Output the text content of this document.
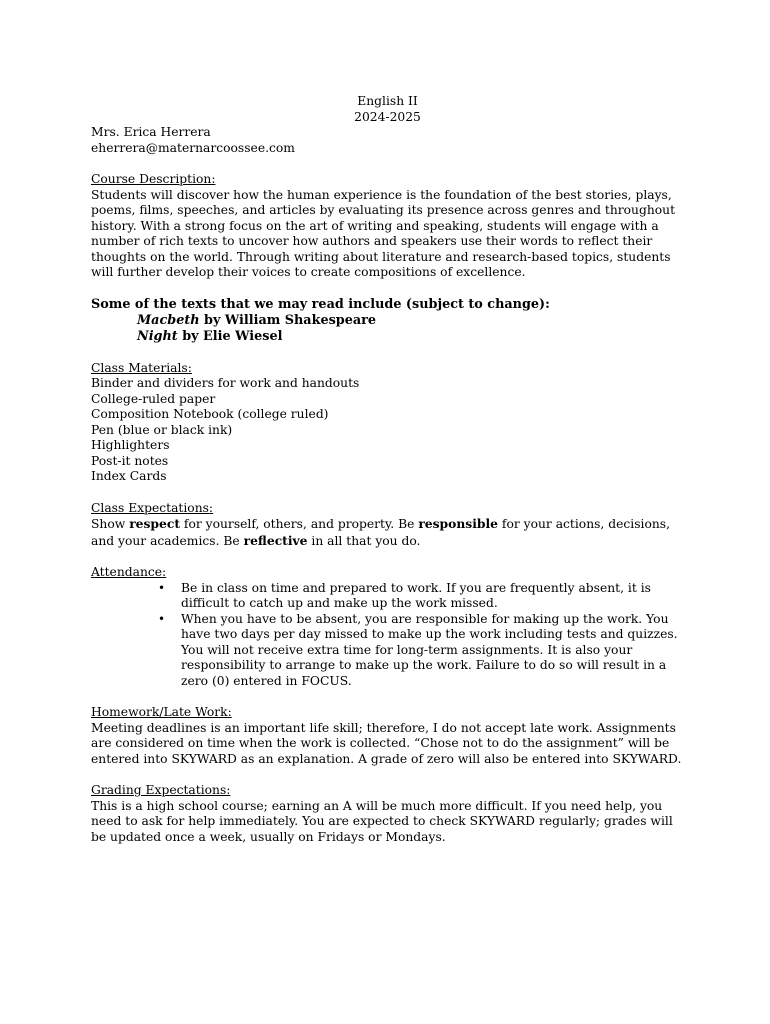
English II
2024-2025
Mrs. Erica Herrera
eherrera@maternarcoossee.com
Course Description:
Students will discover how the human experience is the foundation of the best stories, plays, poems, films, speeches, and articles by evaluating its presence across genres and throughout history. With a strong focus on the art of writing and speaking, students will engage with a number of rich texts to uncover how authors and speakers use their words to reflect their thoughts on the world. Through writing about literature and research-based topics, students will further develop their voices to create compositions of excellence.
Some of the texts that we may read include (subject to change):
Macbeth by William Shakespeare
Night by Elie Wiesel
Class Materials:
Binder and dividers for work and handouts
College-ruled paper
Composition Notebook (college ruled)
Pen (blue or black ink)
Highlighters
Post-it notes
Index Cards
Class Expectations:
Show respect for yourself, others, and property. Be responsible for your actions, decisions, and your academics. Be reflective in all that you do.
Attendance:
• Be in class on time and prepared to work. If you are frequently absent, it is difficult to catch up and make up the work missed.
• When you have to be absent, you are responsible for making up the work. You have two days per day missed to make up the work including tests and quizzes. You will not receive extra time for long-term assignments. It is also your responsibility to arrange to make up the work. Failure to do so will result in a zero (0) entered in FOCUS.
Homework/Late Work:
Meeting deadlines is an important life skill; therefore, I do not accept late work. Assignments are considered on time when the work is collected. “Chose not to do the assignment” will be entered into SKYWARD as an explanation. A grade of zero will also be entered into SKYWARD.
Grading Expectations:
This is a high school course; earning an A will be much more difficult. If you need help, you need to ask for help immediately. You are expected to check SKYWARD regularly; grades will be updated once a week, usually on Fridays or Mondays.
